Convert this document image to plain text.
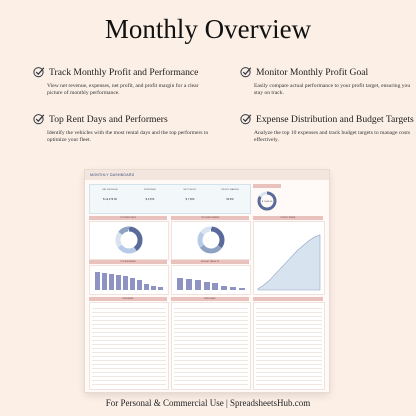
Monthly Overview
Track Monthly Profit and Performance
View net revenue, expenses, net profit, and profit margin for a clear picture of monthly performance.
Monitor Monthly Profit Goal
Easily compare actual performance to your profit target, ensuring you stay on track.
Top Rent Days and Performers
Identify the vehicles with the most rental days and the top performers to optimize your fleet.
Expense Distribution and Budget Targets
Analyze the top 10 expenses and track budget targets to manage costs effectively.
MONTHLY DASHBOARD
NET REVENUE
$ 12,473.00
EXPENSES
$ 4,873
NET PROFIT
$ 7,600
PROFIT MARGIN
60.9%
$ 7,600.00
TOP RENT DAYS	TOP PERFORMERS
TOP EXPENSES	BUDGET TARGETS
PROFIT TREND
EXPENSES	RENT DAYS
For Personal & Commercial Use | SpreadsheetsHub.com
